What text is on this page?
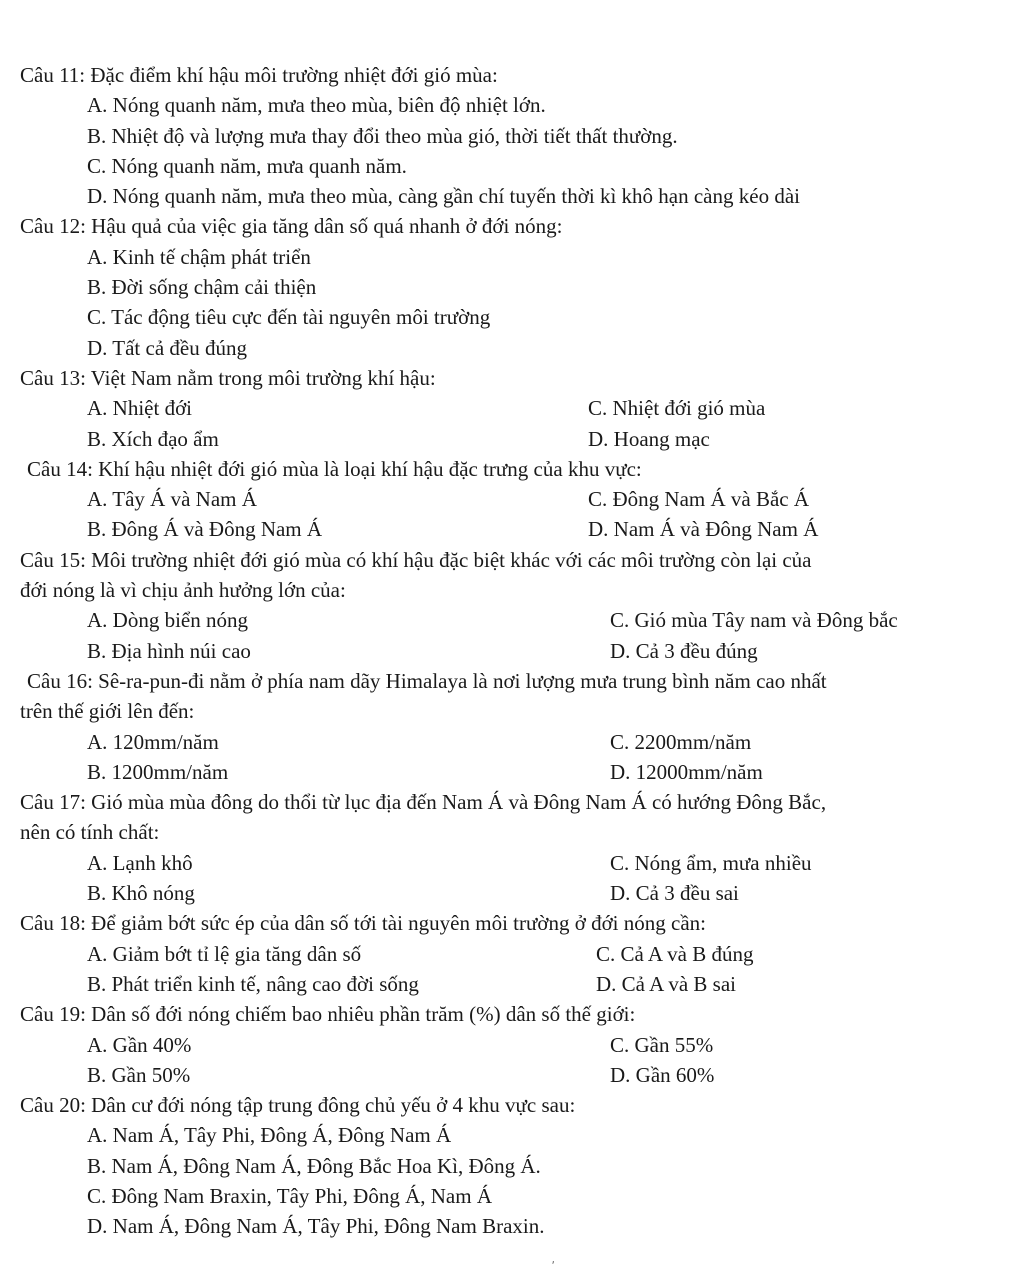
Câu 11: Đặc điểm khí hậu môi trường nhiệt đới gió mùa:
A. Nóng quanh năm, mưa theo mùa, biên độ nhiệt lớn.
B. Nhiệt độ và lượng mưa thay đổi theo mùa gió, thời tiết thất thường.
C. Nóng quanh năm, mưa quanh năm.
D. Nóng quanh năm, mưa theo mùa, càng gần chí tuyến thời kì khô hạn càng kéo dài
Câu 12: Hậu quả của việc gia tăng dân số quá nhanh ở đới nóng:
A. Kinh tế chậm phát triển
B. Đời sống chậm cải thiện
C. Tác động tiêu cực đến tài nguyên môi trường
D. Tất cả đều đúng
Câu 13: Việt Nam nằm trong môi trường khí hậu:
A. Nhiệt đới	C. Nhiệt đới gió mùa
B. Xích đạo ẩm	D. Hoang mạc
Câu 14: Khí hậu nhiệt đới gió mùa là loại khí hậu đặc trưng của khu vực:
A. Tây Á và Nam Á	C. Đông Nam Á và Bắc Á
B. Đông Á và Đông Nam Á	D. Nam Á và Đông Nam Á
Câu 15: Môi trường nhiệt đới gió mùa có khí hậu đặc biệt khác với các môi trường còn lại của
đới nóng là vì chịu ảnh hưởng lớn của:
A. Dòng biển nóng	C. Gió mùa Tây nam và Đông bắc
B. Địa hình núi cao	D. Cả 3 đều đúng
Câu 16: Sê-ra-pun-đi nằm ở phía nam dãy Himalaya là nơi lượng mưa trung bình năm cao nhất
trên thế giới lên đến:
A. 120mm/năm	C. 2200mm/năm
B. 1200mm/năm	D. 12000mm/năm
Câu 17: Gió mùa mùa đông do thổi từ lục địa đến Nam Á và Đông Nam Á có hướng Đông Bắc,
nên có tính chất:
A. Lạnh khô	C. Nóng ẩm, mưa nhiều
B. Khô nóng	D. Cả 3 đều sai
Câu 18: Để giảm bớt sức ép của dân số tới tài nguyên môi trường ở đới nóng cần:
A. Giảm bớt tỉ lệ gia tăng dân số	C. Cả A và B đúng
B. Phát triển kinh tế, nâng cao đời sống	D. Cả A và B sai
Câu 19: Dân số đới nóng chiếm bao nhiêu phần trăm (%) dân số thế giới:
A. Gần 40%	C. Gần 55%
B. Gần 50%	D. Gần 60%
Câu 20: Dân cư đới nóng tập trung đông chủ yếu ở 4 khu vực sau:
A. Nam Á, Tây Phi, Đông Á, Đông Nam Á
B. Nam Á, Đông Nam Á, Đông Bắc Hoa Kì, Đông Á.
C. Đông Nam Braxin, Tây Phi, Đông Á, Nam Á
D. Nam Á, Đông Nam Á, Tây Phi, Đông Nam Braxin.
ʹ
